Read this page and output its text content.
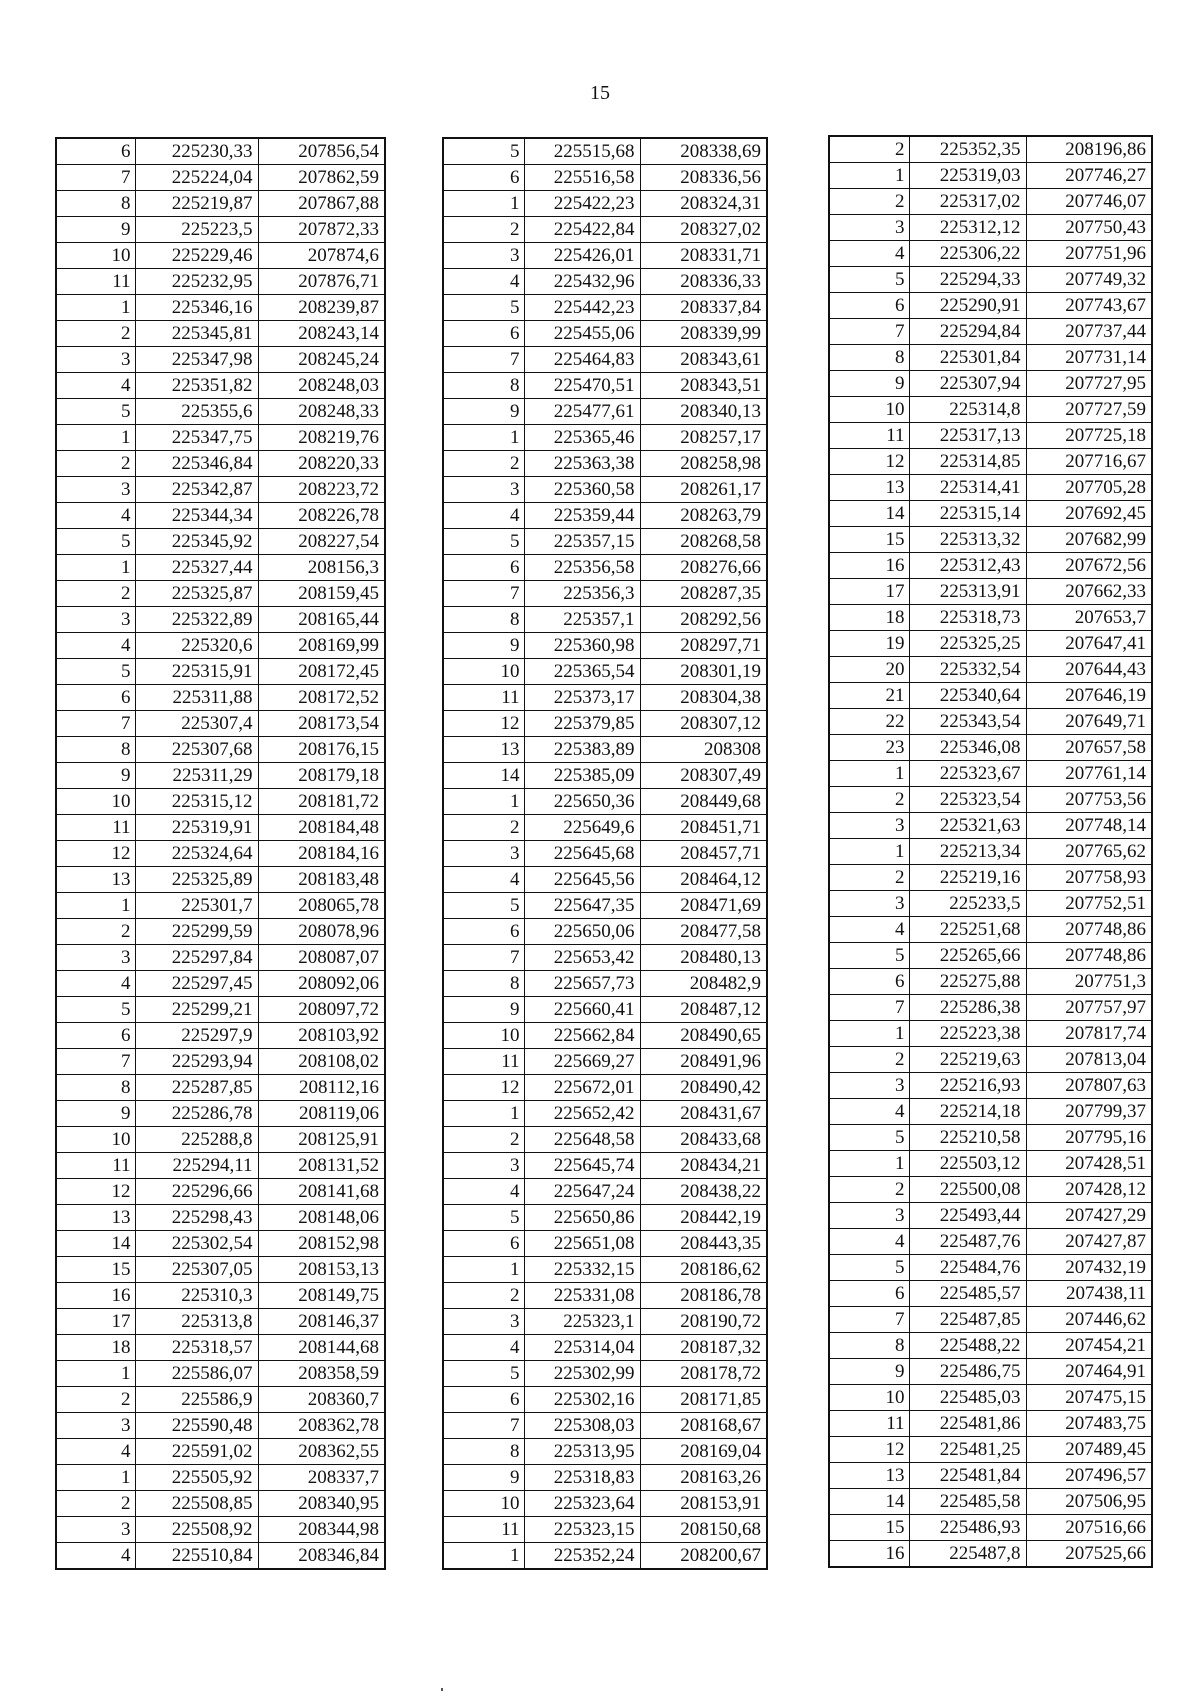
15
6	225230,33	207856,54
7	225224,04	207862,59
8	225219,87	207867,88
9	225223,5	207872,33
10	225229,46	207874,6
11	225232,95	207876,71
1	225346,16	208239,87
2	225345,81	208243,14
3	225347,98	208245,24
4	225351,82	208248,03
5	225355,6	208248,33
1	225347,75	208219,76
2	225346,84	208220,33
3	225342,87	208223,72
4	225344,34	208226,78
5	225345,92	208227,54
1	225327,44	208156,3
2	225325,87	208159,45
3	225322,89	208165,44
4	225320,6	208169,99
5	225315,91	208172,45
6	225311,88	208172,52
7	225307,4	208173,54
8	225307,68	208176,15
9	225311,29	208179,18
10	225315,12	208181,72
11	225319,91	208184,48
12	225324,64	208184,16
13	225325,89	208183,48
1	225301,7	208065,78
2	225299,59	208078,96
3	225297,84	208087,07
4	225297,45	208092,06
5	225299,21	208097,72
6	225297,9	208103,92
7	225293,94	208108,02
8	225287,85	208112,16
9	225286,78	208119,06
10	225288,8	208125,91
11	225294,11	208131,52
12	225296,66	208141,68
13	225298,43	208148,06
14	225302,54	208152,98
15	225307,05	208153,13
16	225310,3	208149,75
17	225313,8	208146,37
18	225318,57	208144,68
1	225586,07	208358,59
2	225586,9	208360,7
3	225590,48	208362,78
4	225591,02	208362,55
1	225505,92	208337,7
2	225508,85	208340,95
3	225508,92	208344,98
4	225510,84	208346,84
5	225515,68	208338,69
6	225516,58	208336,56
1	225422,23	208324,31
2	225422,84	208327,02
3	225426,01	208331,71
4	225432,96	208336,33
5	225442,23	208337,84
6	225455,06	208339,99
7	225464,83	208343,61
8	225470,51	208343,51
9	225477,61	208340,13
1	225365,46	208257,17
2	225363,38	208258,98
3	225360,58	208261,17
4	225359,44	208263,79
5	225357,15	208268,58
6	225356,58	208276,66
7	225356,3	208287,35
8	225357,1	208292,56
9	225360,98	208297,71
10	225365,54	208301,19
11	225373,17	208304,38
12	225379,85	208307,12
13	225383,89	208308
14	225385,09	208307,49
1	225650,36	208449,68
2	225649,6	208451,71
3	225645,68	208457,71
4	225645,56	208464,12
5	225647,35	208471,69
6	225650,06	208477,58
7	225653,42	208480,13
8	225657,73	208482,9
9	225660,41	208487,12
10	225662,84	208490,65
11	225669,27	208491,96
12	225672,01	208490,42
1	225652,42	208431,67
2	225648,58	208433,68
3	225645,74	208434,21
4	225647,24	208438,22
5	225650,86	208442,19
6	225651,08	208443,35
1	225332,15	208186,62
2	225331,08	208186,78
3	225323,1	208190,72
4	225314,04	208187,32
5	225302,99	208178,72
6	225302,16	208171,85
7	225308,03	208168,67
8	225313,95	208169,04
9	225318,83	208163,26
10	225323,64	208153,91
11	225323,15	208150,68
1	225352,24	208200,67
2	225352,35	208196,86
1	225319,03	207746,27
2	225317,02	207746,07
3	225312,12	207750,43
4	225306,22	207751,96
5	225294,33	207749,32
6	225290,91	207743,67
7	225294,84	207737,44
8	225301,84	207731,14
9	225307,94	207727,95
10	225314,8	207727,59
11	225317,13	207725,18
12	225314,85	207716,67
13	225314,41	207705,28
14	225315,14	207692,45
15	225313,32	207682,99
16	225312,43	207672,56
17	225313,91	207662,33
18	225318,73	207653,7
19	225325,25	207647,41
20	225332,54	207644,43
21	225340,64	207646,19
22	225343,54	207649,71
23	225346,08	207657,58
1	225323,67	207761,14
2	225323,54	207753,56
3	225321,63	207748,14
1	225213,34	207765,62
2	225219,16	207758,93
3	225233,5	207752,51
4	225251,68	207748,86
5	225265,66	207748,86
6	225275,88	207751,3
7	225286,38	207757,97
1	225223,38	207817,74
2	225219,63	207813,04
3	225216,93	207807,63
4	225214,18	207799,37
5	225210,58	207795,16
1	225503,12	207428,51
2	225500,08	207428,12
3	225493,44	207427,29
4	225487,76	207427,87
5	225484,76	207432,19
6	225485,57	207438,11
7	225487,85	207446,62
8	225488,22	207454,21
9	225486,75	207464,91
10	225485,03	207475,15
11	225481,86	207483,75
12	225481,25	207489,45
13	225481,84	207496,57
14	225485,58	207506,95
15	225486,93	207516,66
16	225487,8	207525,66
